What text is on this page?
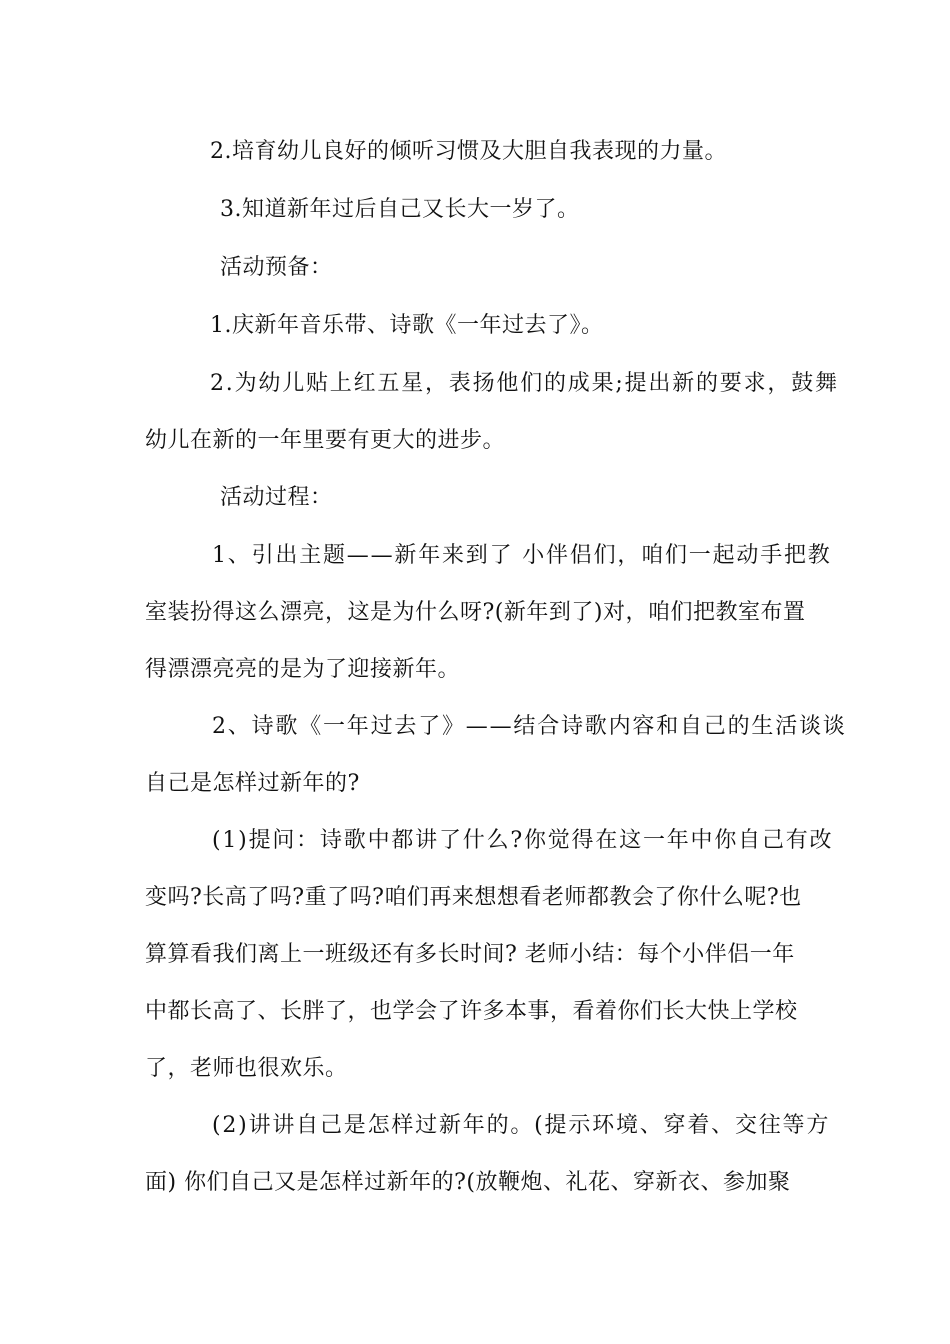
2.培育幼儿良好的倾听习惯及大胆自我表现的力量。
3.知道新年过后自己又长大一岁了。
活动预备：
1.庆新年音乐带、诗歌《一年过去了》。
2.为幼儿贴上红五星，表扬他们的成果;提出新的要求，鼓舞
幼儿在新的一年里要有更大的进步。
活动过程：
1、引出主题——新年来到了 小伴侣们，咱们一起动手把教
室装扮得这么漂亮，这是为什么呀?(新年到了)对，咱们把教室布置
得漂漂亮亮的是为了迎接新年。
2、诗歌《一年过去了》——结合诗歌内容和自己的生活谈谈
自己是怎样过新年的?
(1)提问：诗歌中都讲了什么?你觉得在这一年中你自己有改
变吗?长高了吗?重了吗?咱们再来想想看老师都教会了你什么呢?也
算算看我们离上一班级还有多长时间? 老师小结：每个小伴侣一年
中都长高了、长胖了，也学会了许多本事，看着你们长大快上学校
了，老师也很欢乐。
(2)讲讲自己是怎样过新年的。(提示环境、穿着、交往等方
面) 你们自己又是怎样过新年的?(放鞭炮、礼花、穿新衣、参加聚
